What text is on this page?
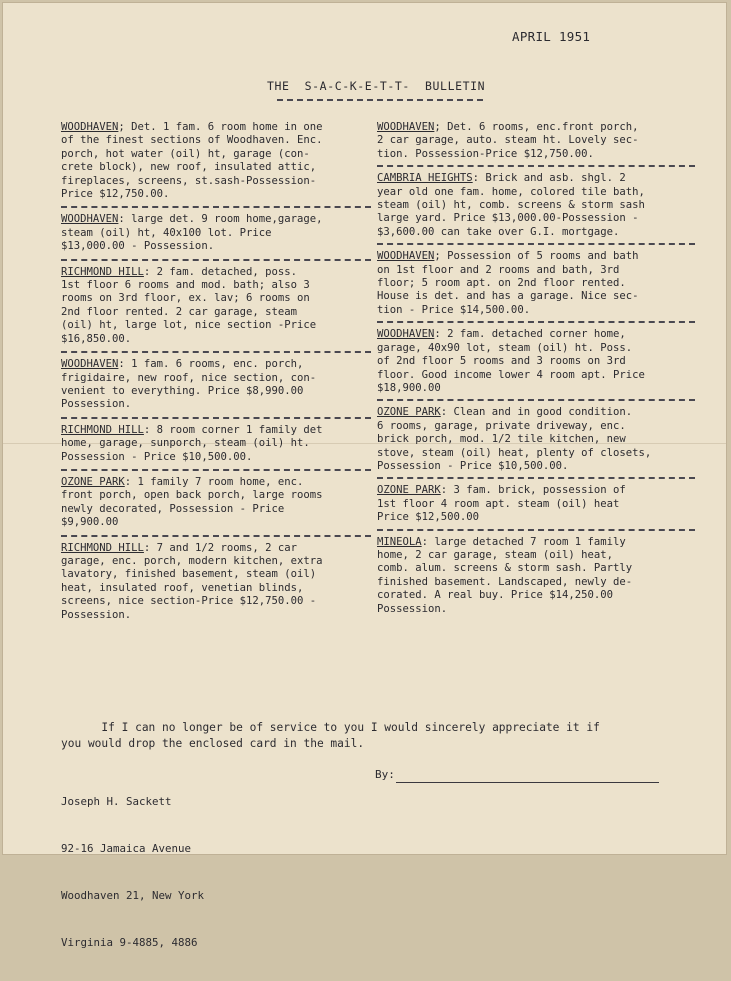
APRIL 1951
THE  S-A-C-K-E-T-T-  BULLETIN
WOODHAVEN; Det. 1 fam. 6 room home in one
of the finest sections of Woodhaven. Enc.
porch, hot water (oil) ht, garage (con-
crete block), new roof, insulated attic,
fireplaces, screens, st.sash-Possession-
Price $12,750.00.
WOODHAVEN: large det. 9 room home,garage,
steam (oil) ht, 40x100 lot. Price
$13,000.00 - Possession.
RICHMOND HILL: 2 fam. detached, poss.
1st floor 6 rooms and mod. bath; also 3
rooms on 3rd floor, ex. lav; 6 rooms on
2nd floor rented. 2 car garage, steam
(oil) ht, large lot, nice section -Price
$16,850.00.
WOODHAVEN: 1 fam. 6 rooms, enc. porch,
frigidaire, new roof, nice section, con-
venient to everything. Price $8,990.00
Possession.
RICHMOND HILL: 8 room corner 1 family det
home, garage, sunporch, steam (oil) ht.
Possession - Price $10,500.00.
OZONE PARK: 1 family 7 room home, enc.
front porch, open back porch, large rooms
newly decorated, Possession - Price
$9,900.00
RICHMOND HILL: 7 and 1/2 rooms, 2 car
garage, enc. porch, modern kitchen, extra
lavatory, finished basement, steam (oil)
heat, insulated roof, venetian blinds,
screens, nice section-Price $12,750.00 -
Possession.
WOODHAVEN; Det. 6 rooms, enc.front porch,
2 car garage, auto. steam ht. Lovely sec-
tion. Possession-Price $12,750.00.
CAMBRIA HEIGHTS: Brick and asb. shgl. 2
year old one fam. home, colored tile bath,
steam (oil) ht, comb. screens & storm sash
large yard. Price $13,000.00-Possession -
$3,600.00 can take over G.I. mortgage.
WOODHAVEN; Possession of 5 rooms and bath
on 1st floor and 2 rooms and bath, 3rd
floor; 5 room apt. on 2nd floor rented.
House is det. and has a garage. Nice sec-
tion - Price $14,500.00.
WOODHAVEN: 2 fam. detached corner home,
garage, 40x90 lot, steam (oil) ht. Poss.
of 2nd floor 5 rooms and 3 rooms on 3rd
floor. Good income lower 4 room apt. Price
$18,900.00
OZONE PARK: Clean and in good condition.
6 rooms, garage, private driveway, enc.
brick porch, mod. 1/2 tile kitchen, new
stove, steam (oil) heat, plenty of closets,
Possession - Price $10,500.00.
OZONE PARK: 3 fam. brick, possession of
1st floor 4 room apt. steam (oil) heat
Price $12,500.00
MINEOLA: large detached 7 room 1 family
home, 2 car garage, steam (oil) heat,
comb. alum. screens & storm sash. Partly
finished basement. Landscaped, newly de-
corated. A real buy. Price $14,250.00
Possession.
If I can no longer be of service to you I would sincerely appreciate it if
you would drop the enclosed card in the mail.

Joseph H. Sackett

92-16 Jamaica Avenue

Woodhaven 21, New York

Virginia 9-4885, 4886

By:
